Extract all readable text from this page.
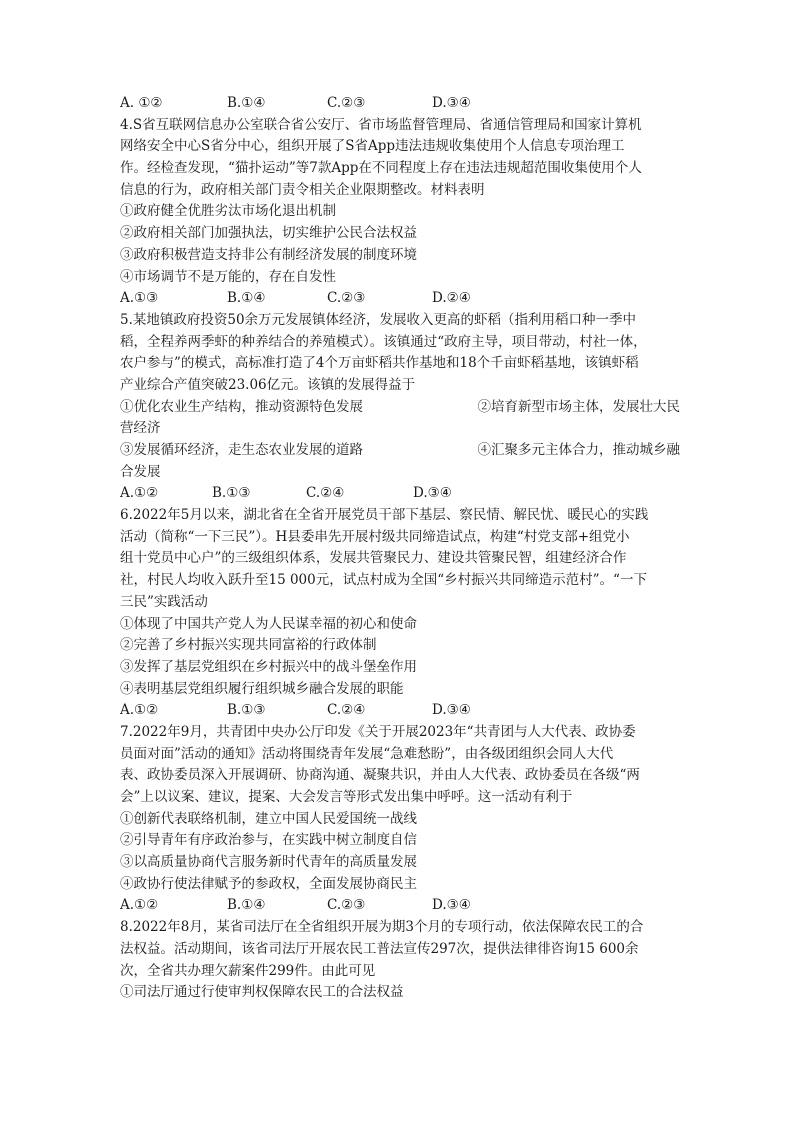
A. ①②	B.①④	C.②③	D.③④
4.S省互联网信息办公室联合省公安厅、省市场监督管理局、省通信管理局和国家计算机
网络安全中心S省分中心，组织开展了S省App违法违规收集使用个人信息专项治理工
作。经检查发现，“猫扑运动”等7款App在不同程度上存在违法违规超范围收集使用个人
信息的行为，政府相关部门责令相关企业限期整改。材料表明
①政府健全优胜劣汰市场化退出机制
②政府相关部门加强执法，切实维护公民合法权益
③政府积极营造支持非公有制经济发展的制度环境
④市场调节不是万能的，存在自发性
A.①③	B.①④	C.②③	D.②④
5.某地镇政府投资50余万元发展镇体经济，发展收入更高的虾稻（指利用稻口种一季中
稻，全程养两季虾的种养结合的养殖模式）。该镇通过“政府主导，项目带动，村社一体，
农户参与”的模式，高标准打造了4个万亩虾稻共作基地和18个千亩虾稻基地，该镇虾稻
产业综合产值突破23.06亿元。该镇的发展得益于
①优化农业生产结构，推动资源特色发展	②培育新型市场主体，发展壮大民
营经济
③发展循环经济，走生态农业发展的道路	④汇聚多元主体合力，推动城乡融
合发展
A.①②	B.①③	C.②④	D.③④
6.2022年5月以来，湖北省在全省开展党员干部下基层、察民情、解民忧、暖民心的实践
活动（简称“一下三民”）。H县委串先开展村级共同缔造试点，构建“村党支部+组党小
组十党员中心户”的三级组织体系，发展共管聚民力、建设共管聚民智，组建经济合作
社，村民人均收入跃升至15 000元，试点村成为全国“乡村振兴共同缔造示范村”。“一下
三民”实践活动
①体现了中国共产党人为人民谋幸福的初心和使命
②完善了乡村振兴实现共同富裕的行政体制
③发挥了基层党组织在乡村振兴中的战斗堡垒作用
④表明基层党组织履行组织城乡融合发展的职能
A.①②	B.①③	C.②④	D.③④
7.2022年9月，共青团中央办公厅印发《关于开展2023年“共青团与人大代表、政协委
员面对面”活动的通知》活动将围绕青年发展“急难愁盼”，由各级团组织会同人大代
表、政协委员深入开展调研、协商沟通、凝聚共识，并由人大代表、政协委员在各级“两
会”上以议案、建议，提案、大会发言等形式发出集中呼呼。这一活动有利于
①创新代表联络机制，建立中国人民爱国统一战线
②引导青年有序政治参与，在实践中树立制度自信
③以高质量协商代言服务新时代青年的高质量发展
④政协行使法律赋予的参政权，全面发展协商民主
A.①②	B.①④	C.②③	D.③④
8.2022年8月，某省司法厅在全省组织开展为期3个月的专项行动，依法保障农民工的合
法权益。活动期间，该省司法厅开展农民工普法宣传297次，提供法律徘咨询15 600余
次，全省共办理欠薪案件299件。由此可见
①司法厅通过行使审判权保障农民工的合法权益
